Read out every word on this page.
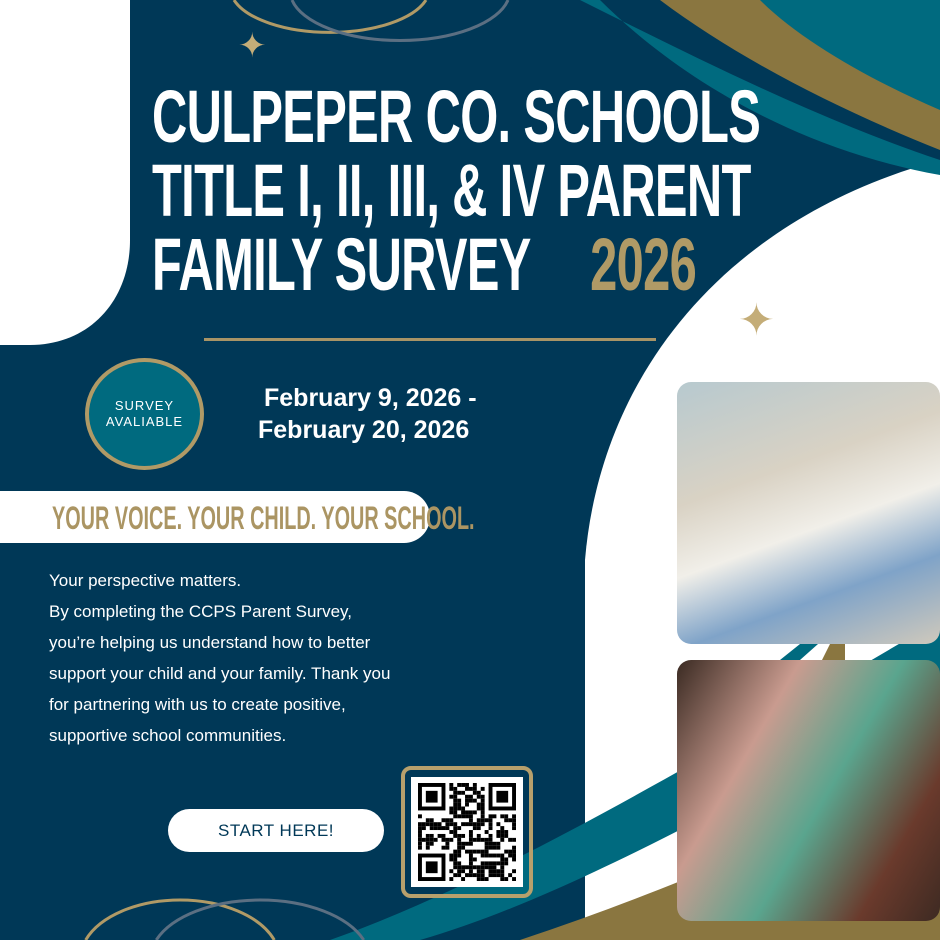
✦
✦
CULPEPER CO. SCHOOLS
TITLE I, II, III, & IV PARENT
FAMILY SURVEY 2026
SURVEY
AVALIABLE
February 9, 2026 -
February 20, 2026
YOUR VOICE. YOUR CHILD. YOUR SCHOOL.
Your perspective matters.
By completing the CCPS Parent Survey, you’re helping us understand how to better support your child and your family. Thank you for partnering with us to create positive, supportive school communities.
START HERE!
